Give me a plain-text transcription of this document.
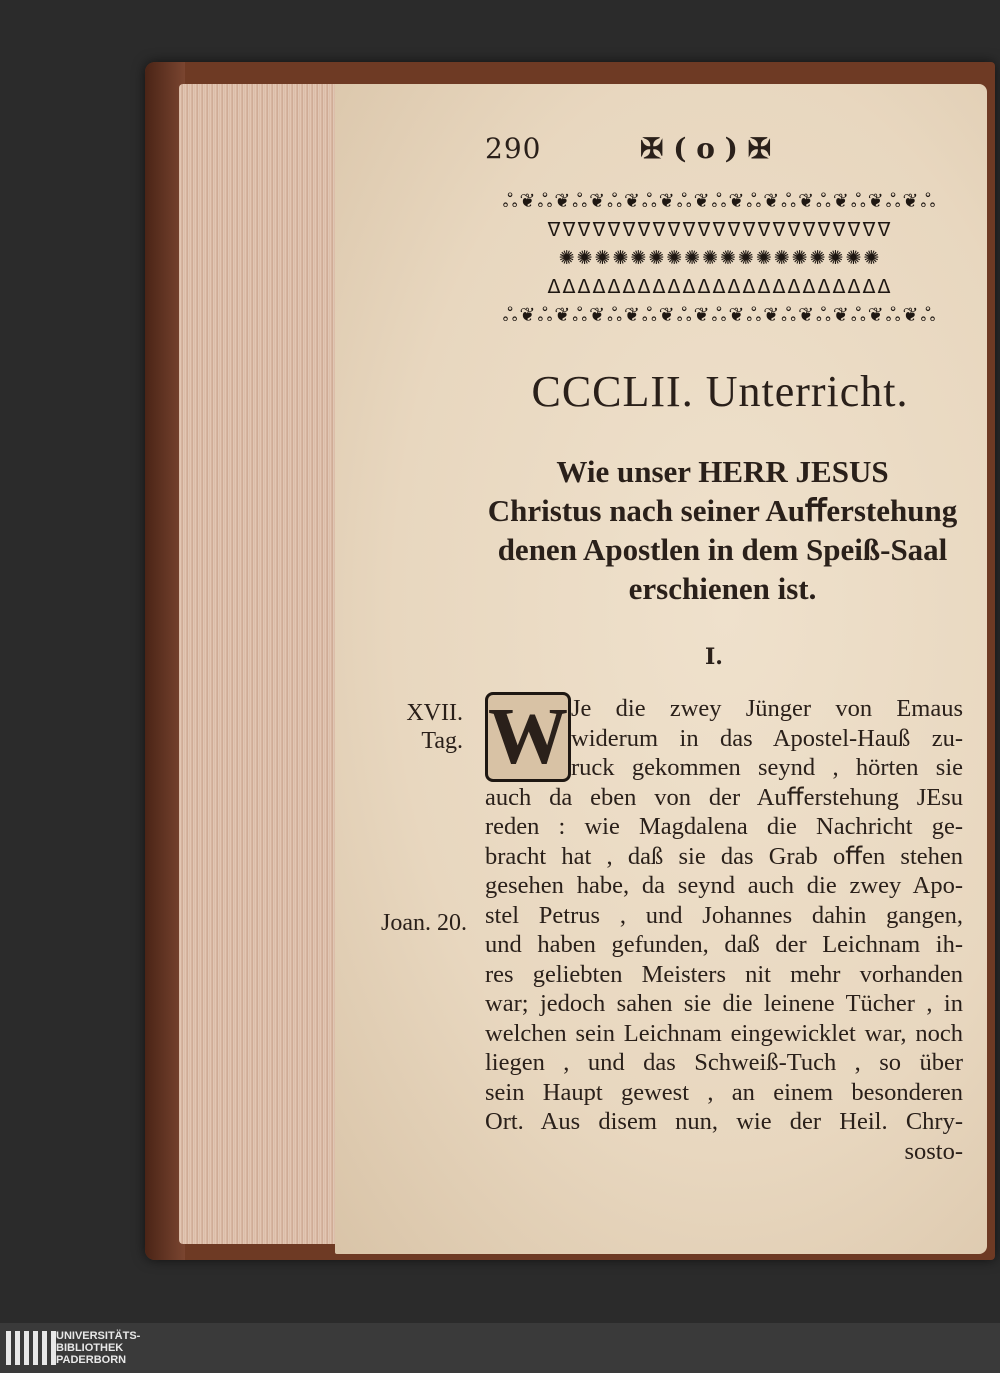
290	✠ ( o ) ✠
ஃ❦ஃ❦ஃ❦ஃ❦ஃ❦ஃ❦ஃ❦ஃ❦ஃ❦ஃ❦ஃ❦ஃ❦ஃ
ᐁᐁᐁᐁᐁᐁᐁᐁᐁᐁᐁᐁᐁᐁᐁᐁᐁᐁᐁᐁᐁᐁᐁ
✺✺✺✺✺✺✺✺✺✺✺✺✺✺✺✺✺✺
ᐃᐃᐃᐃᐃᐃᐃᐃᐃᐃᐃᐃᐃᐃᐃᐃᐃᐃᐃᐃᐃᐃᐃ
ஃ❦ஃ❦ஃ❦ஃ❦ஃ❦ஃ❦ஃ❦ஃ❦ஃ❦ஃ❦ஃ❦ஃ❦ஃ
CCCLII. Unterricht.
Wie unser HERR JESUS
Christus nach seiner Auﬀerstehung
denen Apostlen in dem Speiß-Saal
erschienen ist.
I.
XVII.
Tag.
Joan. 20.
W Je die zwey Jünger von Emaus
widerum in das Apostel-Hauß zu-
ruck gekommen seynd , hörten sie
auch da eben von der Auﬀerstehung JEsu
reden : wie Magdalena die Nachricht ge-
bracht hat , daß sie das Grab oﬀen stehen
gesehen habe, da seynd auch die zwey Apo-
stel Petrus , und Johannes dahin gangen,
und haben gefunden, daß der Leichnam ih-
res geliebten Meisters nit mehr vorhanden
war; jedoch sahen sie die leinene Tücher , in
welchen sein Leichnam eingewicklet war, noch
liegen , und das Schweiß-Tuch , so über
sein Haupt gewest , an einem besonderen
Ort. Aus disem nun, wie der Heil. Chry-
sosto-
UNIVERSITÄTS-
BIBLIOTHEK
PADERBORN
